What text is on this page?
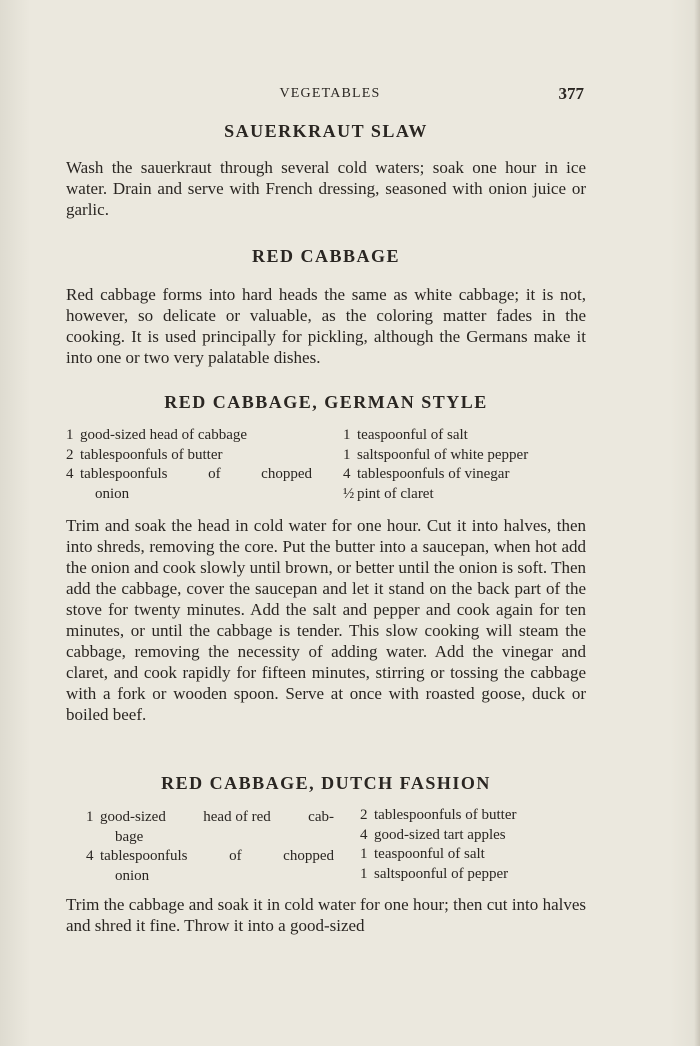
VEGETABLES	377
SAUERKRAUT SLAW

Wash the sauerkraut through several cold waters; soak one hour in ice water. Drain and serve with French dressing, seasoned with onion juice or garlic.

RED CABBAGE

Red cabbage forms into hard heads the same as white cabbage; it is not, however, so delicate or valuable, as the coloring matter fades in the cooking. It is used principally for pickling, although the Germans make it into one or two very palatable dishes.

RED CABBAGE, GERMAN STYLE
1 good-sized head of cabbage
2 tablespoonfuls of butter
4 tablespoonfuls	of	chopped
onion
1 teaspoonful of salt
1 saltspoonful of white pepper
4 tablespoonfuls of vinegar
½ pint of claret

Trim and soak the head in cold water for one hour. Cut it into halves, then into shreds, removing the core. Put the butter into a saucepan, when hot add the onion and cook slowly until brown, or better until the onion is soft. Then add the cabbage, cover the saucepan and let it stand on the back part of the stove for twenty minutes. Add the salt and pepper and cook again for ten minutes, or until the cabbage is tender. This slow cooking will steam the cabbage, removing the necessity of adding water. Add the vinegar and claret, and cook rapidly for fifteen minutes, stirring or tossing the cabbage with a fork or wooden spoon. Serve at once with roasted goose, duck or boiled beef.

RED CABBAGE, DUTCH FASHION
1 good-sized head of red cab-
bage
4 tablespoonfuls	of	chopped
onion
2 tablespoonfuls of butter
4 good-sized tart apples
1 teaspoonful of salt
1 saltspoonful of pepper

Trim the cabbage and soak it in cold water for one hour; then cut into halves and shred it fine. Throw it into a good-sized
